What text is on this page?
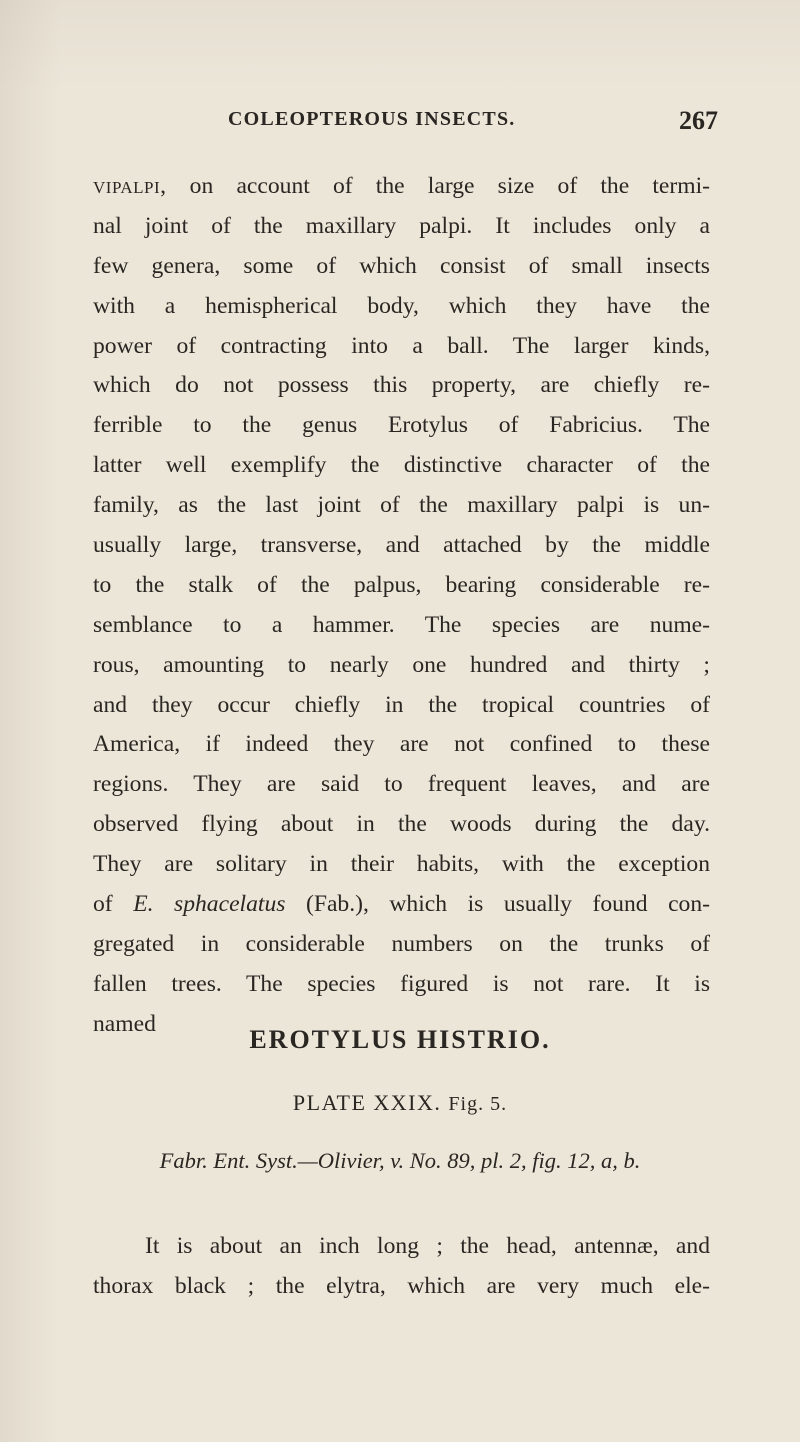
COLEOPTEROUS INSECTS.	267
vipalpi, on account of the large size of the termi-
nal joint of the maxillary palpi. It includes only a
few genera, some of which consist of small insects
with a hemispherical body, which they have the
power of contracting into a ball. The larger kinds,
which do not possess this property, are chiefly re-
ferrible to the genus Erotylus of Fabricius. The
latter well exemplify the distinctive character of the
family, as the last joint of the maxillary palpi is un-
usually large, transverse, and attached by the middle
to the stalk of the palpus, bearing considerable re-
semblance to a hammer. The species are nume-
rous, amounting to nearly one hundred and thirty ;
and they occur chiefly in the tropical countries of
America, if indeed they are not confined to these
regions. They are said to frequent leaves, and are
observed flying about in the woods during the day.
They are solitary in their habits, with the exception
of E. sphacelatus (Fab.), which is usually found con-
gregated in considerable numbers on the trunks of
fallen trees. The species figured is not rare. It is
named
EROTYLUS HISTRIO.
PLATE XXIX. Fig. 5.
Fabr. Ent. Syst.—Olivier, v. No. 89, pl. 2, fig. 12, a, b.
It is about an inch long ; the head, antennæ, and
thorax black ; the elytra, which are very much ele-
